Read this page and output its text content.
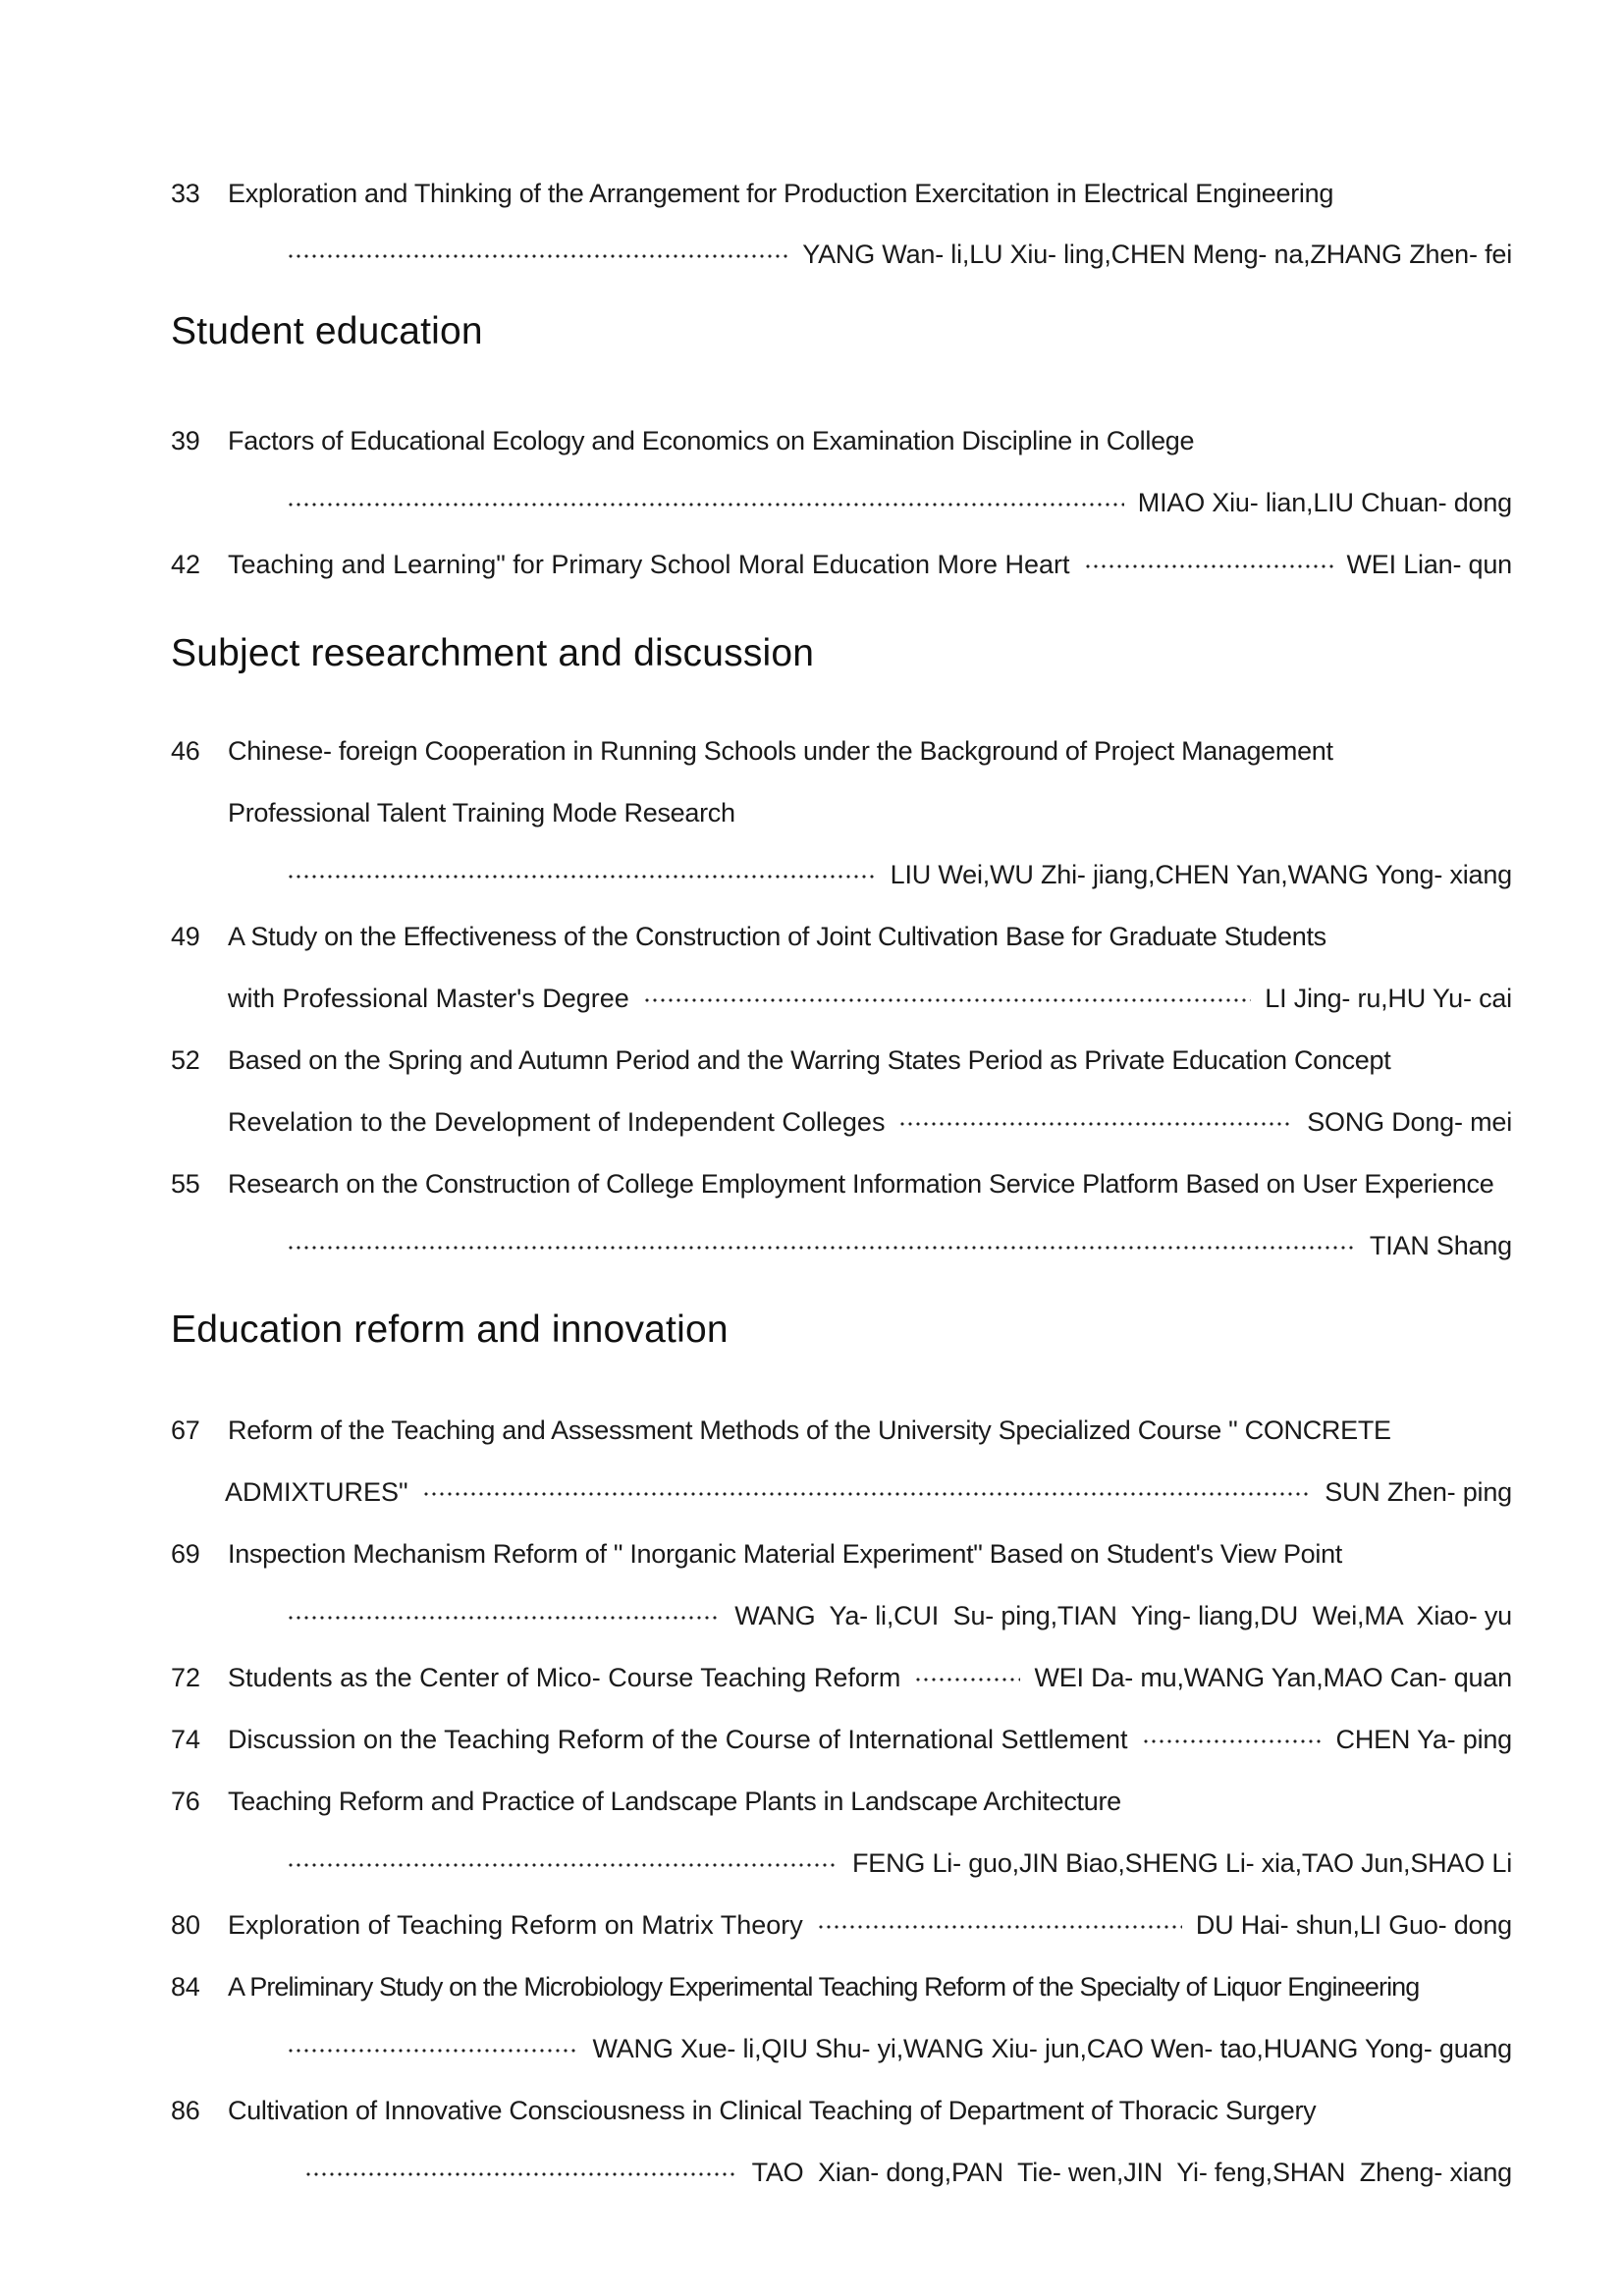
33	Exploration and Thinking of the Arrangement for Production Exercitation in Electrical Engineering
YANG Wan- li,LU Xiu- ling,CHEN Meng- na,ZHANG Zhen- fei
Student education
39	Factors of Educational Ecology and Economics on Examination Discipline in College
MIAO Xiu- lian,LIU Chuan- dong
42	Teaching and Learning" for Primary School Moral Education More Heart	WEI Lian- qun
Subject researchment and discussion
46	Chinese- foreign Cooperation in Running Schools under the Background of Project Management
Professional Talent Training Mode Research
LIU Wei,WU Zhi- jiang,CHEN Yan,WANG Yong- xiang
49	A Study on the Effectiveness of the Construction of Joint Cultivation Base for Graduate Students
with Professional Master's Degree	LI Jing- ru,HU Yu- cai
52	Based on the Spring and Autumn Period and the Warring States Period as Private Education Concept
Revelation to the Development of Independent Colleges	SONG Dong- mei
55	Research on the Construction of College Employment Information Service Platform Based on User Experience
TIAN Shang
Education reform and innovation
67	Reform of the Teaching and Assessment Methods of the University Specialized Course " CONCRETE
ADMIXTURES"	SUN Zhen- ping
69	Inspection Mechanism Reform of " Inorganic Material Experiment" Based on Student's View Point
WANG  Ya- li,CUI  Su- ping,TIAN  Ying- liang,DU  Wei,MA  Xiao- yu
72	Students as the Center of Mico- Course Teaching Reform	WEI Da- mu,WANG Yan,MAO Can- quan
74	Discussion on the Teaching Reform of the Course of International Settlement	CHEN Ya- ping
76	Teaching Reform and Practice of Landscape Plants in Landscape Architecture
FENG Li- guo,JIN Biao,SHENG Li- xia,TAO Jun,SHAO Li
80	Exploration of Teaching Reform on Matrix Theory	DU Hai- shun,LI Guo- dong
84	A Preliminary Study on the Microbiology Experimental Teaching Reform of the Specialty of Liquor Engineering
WANG Xue- li,QIU Shu- yi,WANG Xiu- jun,CAO Wen- tao,HUANG Yong- guang
86	Cultivation of Innovative Consciousness in Clinical Teaching of Department of Thoracic Surgery
TAO  Xian- dong,PAN  Tie- wen,JIN  Yi- feng,SHAN  Zheng- xiang
